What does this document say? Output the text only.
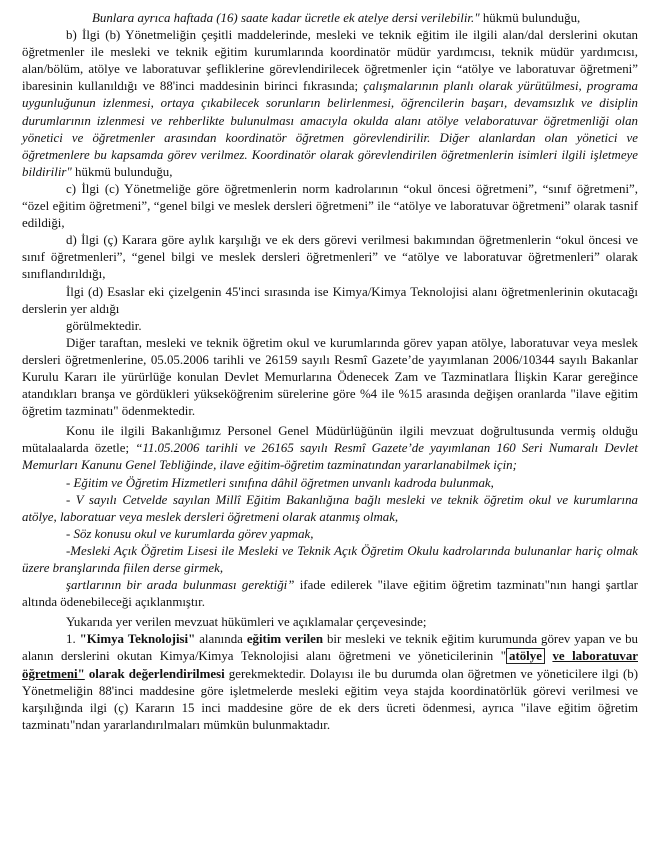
Bunlara ayrıca haftada (16) saate kadar ücretle ek atelye dersi verilebilir." hükmü bulunduğu,

b) İlgi (b) Yönetmeliğin çeşitli maddelerinde, mesleki ve teknik eğitim ile ilgili alan/dal derslerini okutan öğretmenler ile mesleki ve teknik eğitim kurumlarında koordinatör müdür yardımcısı, teknik müdür yardımcısı, alan/bölüm, atölye ve laboratuvar şefliklerine görevlendirilecek öğretmenler için “atölye ve laboratuvar öğretmeni” ibaresinin kullanıldığı ve 88'inci maddesinin birinci fıkrasında; çalışmalarının planlı olarak yürütülmesi, programa uygunluğunun izlenmesi, ortaya çıkabilecek sorunların belirlenmesi, öğrencilerin başarı, devamsızlık ve disiplin durumlarının izlenmesi ve rehberlikte bulunulması amacıyla okulda alanı atölye velaboratuvar öğretmenliği olan yönetici ve öğretmenler arasından koordinatör öğretmen görevlendirilir. Diğer alanlardan olan yönetici ve öğretmenlere bu kapsamda görev verilmez. Koordinatör olarak görevlendirilen öğretmenlerin isimleri ilgili işletmeye bildirilir" hükmü bulunduğu,

c) İlgi (c) Yönetmeliğe göre öğretmenlerin norm kadrolarının “okul öncesi öğretmeni”, “sınıf öğretmeni”, “özel eğitim öğretmeni”, “genel bilgi ve meslek dersleri öğretmeni” ile “atölye ve laboratuvar öğretmeni” olarak tasnif edildiği,

d) İlgi (ç) Karara göre aylık karşılığı ve ek ders görevi verilmesi bakımından öğretmenlerin “okul öncesi ve sınıf öğretmenleri”, “genel bilgi ve meslek dersleri öğretmenleri” ve “atölye ve laboratuvar öğretmenleri” olarak sınıflandırıldığı,

İlgi (d) Esaslar eki çizelgenin 45'inci sırasında ise Kimya/Kimya Teknolojisi alanı öğretmenlerinin okutacağı derslerin yer aldığı

görülmektedir.

Diğer taraftan, mesleki ve teknik öğretim okul ve kurumlarında görev yapan atölye, laboratuvar veya meslek dersleri öğretmenlerine, 05.05.2006 tarihli ve 26159 sayılı Resmî Gazete’de yayımlanan 2006/10344 sayılı Bakanlar Kurulu Kararı ile yürürlüğe konulan Devlet Memurlarına Ödenecek Zam ve Tazminatlara İlişkin Karar gereğince atandıkları branşa ve gördükleri yükseköğrenim sürelerine göre %4 ile %15 arasında değişen oranlarda "ilave eğitim öğretim tazminatı" ödenmektedir.

Konu ile ilgili Bakanlığımız Personel Genel Müdürlüğünün ilgili mevzuat doğrultusunda vermiş olduğu mütalaalarda özetle; “11.05.2006 tarihli ve 26165 sayılı Resmî Gazete’de yayımlanan 160 Seri Numaralı Devlet Memurları Kanunu Genel Tebliğinde, ilave eğitim-öğretim tazminatından yararlanabilmek için;

- Eğitim ve Öğretim Hizmetleri sınıfına dâhil öğretmen unvanlı kadroda bulunmak,

- V sayılı Cetvelde sayılan Millî Eğitim Bakanlığına bağlı mesleki ve teknik öğretim okul ve kurumlarına atölye, laboratuar veya meslek dersleri öğretmeni olarak atanmış olmak,

- Söz konusu okul ve kurumlarda görev yapmak,

-Mesleki Açık Öğretim Lisesi ile Mesleki ve Teknik Açık Öğretim Okulu kadrolarında bulunanlar hariç olmak üzere branşlarında fiilen derse girmek,

şartlarının bir arada bulunması gerektiği” ifade edilerek "ilave eğitim öğretim tazminatı"nın hangi şartlar altında ödenebileceği açıklanmıştır.

Yukarıda yer verilen mevzuat hükümleri ve açıklamalar çerçevesinde;

1. "Kimya Teknolojisi" alanında eğitim verilen bir mesleki ve teknik eğitim kurumunda görev yapan ve bu alanın derslerini okutan Kimya/Kimya Teknolojisi alanı öğretmeni ve yöneticilerinin " atölye ve laboratuvar öğretmeni" olarak değerlendirilmesi gerekmektedir. Dolayısı ile bu durumda olan öğretmen ve yöneticilere ilgi (b) Yönetmeliğin 88'inci maddesine göre işletmelerde mesleki eğitim veya stajda koordinatörlük görevi verilmesi ve karşılığında ilgi (ç) Kararın 15 inci maddesine göre de ek ders ücreti ödenmesi, ayrıca "ilave eğitim öğretim tazminatı"ndan yararlandırılmaları mümkün bulunmaktadır.
